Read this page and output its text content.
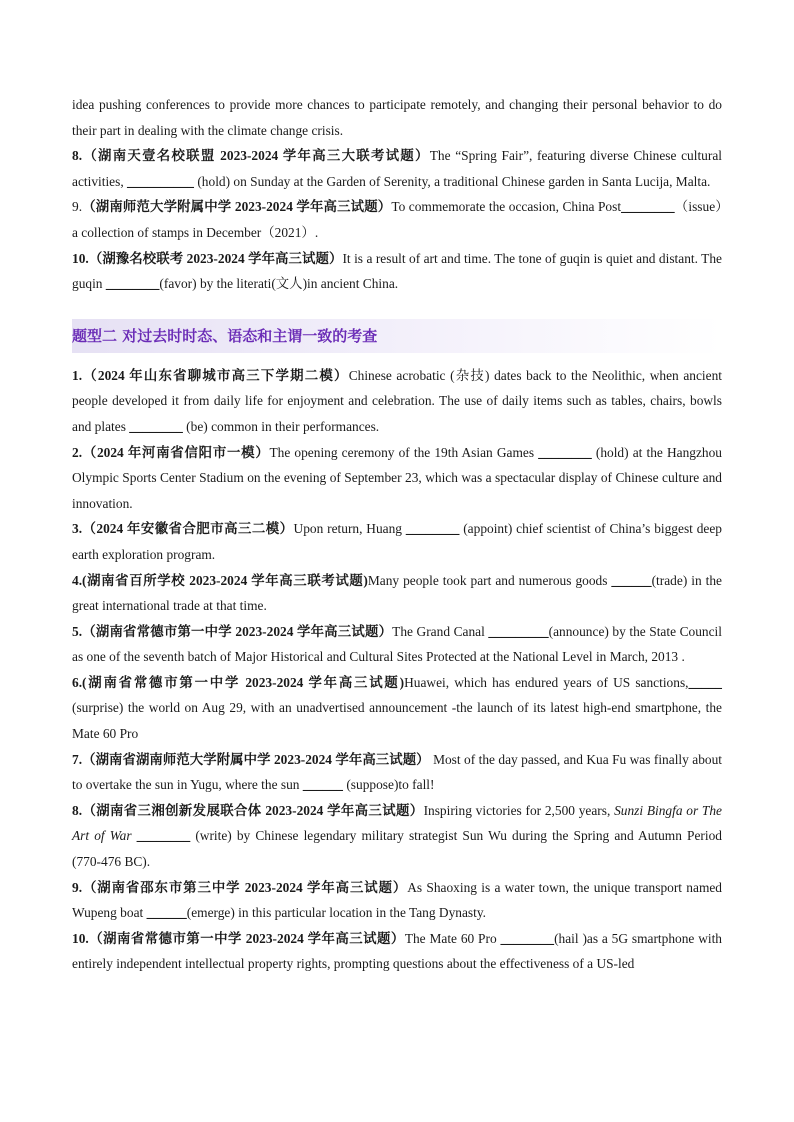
idea pushing conferences to provide more chances to participate remotely, and changing their personal behavior to do their part in dealing with the climate change crisis.

8.（湖南天壹名校联盟 2023-2024 学年高三大联考试题）The “Spring Fair”, featuring diverse Chinese cultural activities, __________ (hold) on Sunday at the Garden of Serenity, a traditional Chinese garden in Santa Lucija, Malta.

9.（湖南师范大学附属中学 2023-2024 学年高三试题）To commemorate the occasion, China Post________（issue）a collection of stamps in December（2021）.

10.（湖豫名校联考 2023-2024 学年高三试题）It is a result of art and time. The tone of guqin is quiet and distant. The guqin ________(favor) by the literati(文人)in ancient China.

题型二 对过去时时态、语态和主谓一致的考查

1.（2024 年山东省聊城市高三下学期二模）Chinese acrobatic (杂技) dates back to the Neolithic, when ancient people developed it from daily life for enjoyment and celebration. The use of daily items such as tables, chairs, bowls and plates ________ (be) common in their performances.

2.（2024 年河南省信阳市一模）The opening ceremony of the 19th Asian Games ________ (hold) at the Hangzhou Olympic Sports Center Stadium on the evening of September 23, which was a spectacular display of Chinese culture and innovation.

3.（2024 年安徽省合肥市高三二模）Upon return, Huang ________ (appoint) chief scientist of China’s biggest deep earth exploration program.

4.(湖南省百所学校 2023-2024 学年高三联考试题)Many people took part and numerous goods ______(trade) in the great international trade at that time.

5.（湖南省常德市第一中学 2023-2024 学年高三试题）The Grand Canal _________(announce) by the State Council as one of the seventh batch of Major Historical and Cultural Sites Protected at the National Level in March, 2013 .

6.(湖南省常德市第一中学 2023-2024 学年高三试题)Huawei, which has endured years of US sanctions,_____ (surprise) the world on Aug 29, with an unadvertised announcement -the launch of its latest high-end smartphone, the Mate 60 Pro

7.（湖南省湖南师范大学附属中学 2023-2024 学年高三试题） Most of the day passed, and Kua Fu was finally about to overtake the sun in Yugu, where the sun ______ (suppose)to fall!

8.（湖南省三湘创新发展联合体 2023-2024 学年高三试题）Inspiring victories for 2,500 years, Sunzi Bingfa or The Art of War ________ (write) by Chinese legendary military strategist Sun Wu during the Spring and Autumn Period (770-476 BC).

9.（湖南省邵东市第三中学 2023-2024 学年高三试题）As Shaoxing is a water town, the unique transport named Wupeng boat ______(emerge) in this particular location in the Tang Dynasty.

10.（湖南省常德市第一中学 2023-2024 学年高三试题）The Mate 60 Pro ________(hail )as a 5G smartphone with entirely independent intellectual property rights, prompting questions about the effectiveness of a US-led
